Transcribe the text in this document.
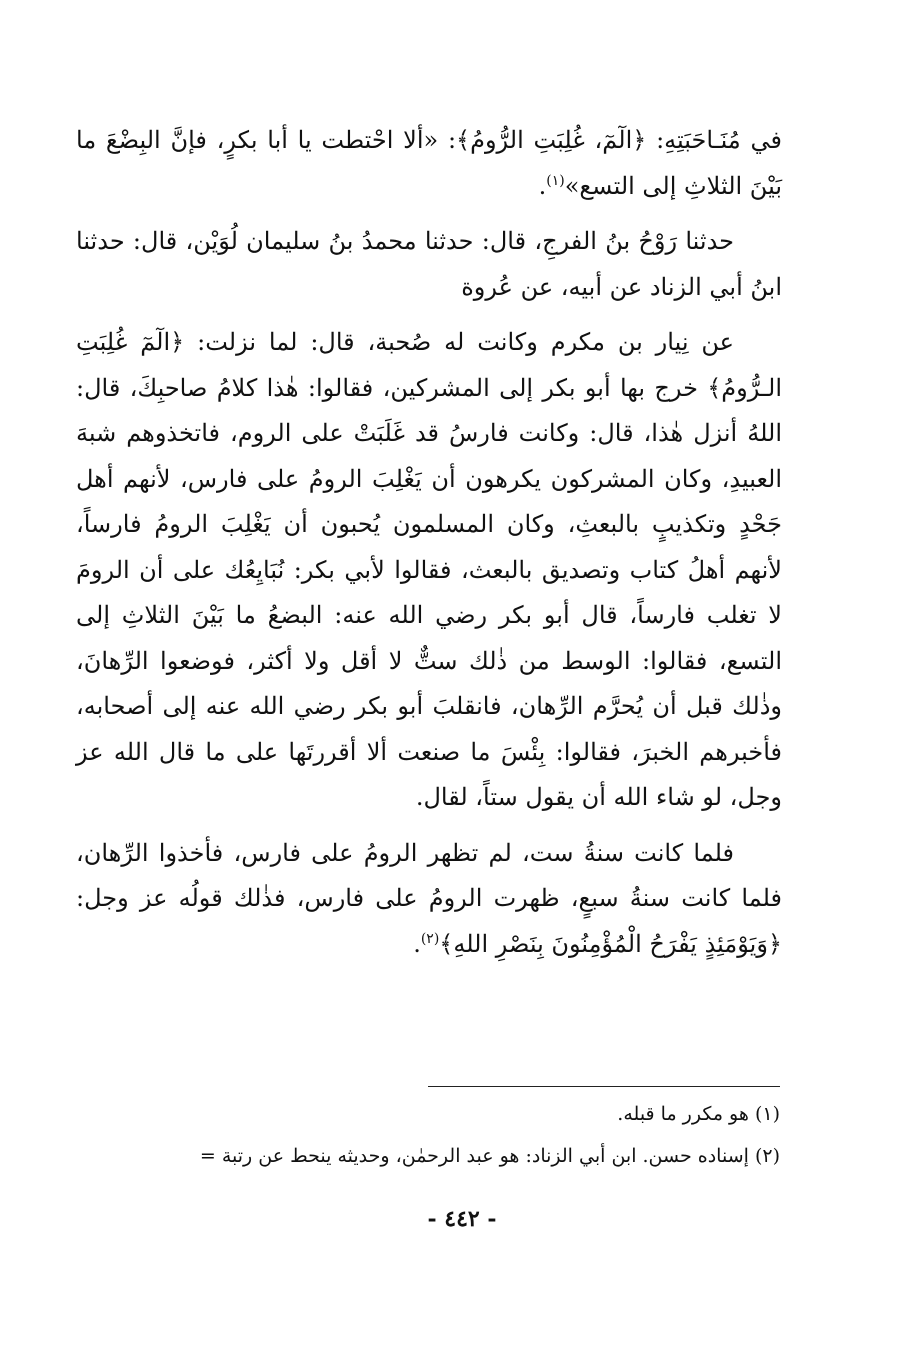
في مُنَـاحَبَتِهِ: ﴿الٓمٓ، غُلِبَتِ الرُّومُ﴾: «ألا احْتطت يا أبا بكرٍ، فإنَّ البِضْعَ ما بَيْنَ الثلاثِ إلى التسع»$^{(١)}$.

حدثنا رَوْحُ بنُ الفرجِ، قال: حدثنا محمدُ بنُ سليمان لُوَيْن، قال: حدثنا ابنُ أبي الزناد عن أبيه، عن عُروة

عن نِيار بن مكرم وكانت له صُحبة، قال: لما نزلت: ﴿الٓمٓ غُلِبَتِ الـرُّومُ﴾ خرج بها أبو بكر إلى المشركين، فقالوا: هٰذا كلامُ صاحبِكَ، قال: اللهُ أنزل هٰذا، قال: وكانت فارسُ قد غَلَبَتْ على الروم، فاتخذوهم شبهَ العبيدِ، وكان المشركون يكرهون أن يَغْلِبَ الرومُ على فارس، لأنهم أهل جَحْدٍ وتكذيبٍ بالبعثِ، وكان المسلمون يُحبون أن يَغْلِبَ الرومُ فارساً، لأنهم أهلُ كتاب وتصديق بالبعث، فقالوا لأبي بكر: نُبَايِعُك على أن الرومَ لا تغلب فارساً، قال أبو بكر رضي الله عنه: البضعُ ما بَيْنَ الثلاثِ إلى التسع، فقالوا: الوسط من ذٰلك ستٌّ لا أقل ولا أكثر، فوضعوا الرِّهانَ، وذٰلك قبل أن يُحرَّم الرِّهان، فانقلبَ أبو بكر رضي الله عنه إلى أصحابه، فأخبرهم الخبرَ، فقالوا: بِئْسَ ما صنعت ألا أقررتَها على ما قال الله عز وجل، لو شاء الله أن يقول ستاً، لقال.

فلما كانت سنةُ ست، لم تظهر الرومُ على فارس، فأخذوا الرِّهان، فلما كانت سنةُ سبعٍ، ظهرت الرومُ على فارس، فذٰلك قولُه عز وجل: ﴿وَيَوْمَئِذٍ يَفْرَحُ الْمُؤْمِنُونَ بِنَصْرِ اللهِ﴾$^{(٢)}$.

(١) هو مكرر ما قبله.

(٢) إسناده حسن. ابن أبي الزناد: هو عبد الرحمٰن، وحديثه ينحط عن رتبة =

- ٤٤٢ -
